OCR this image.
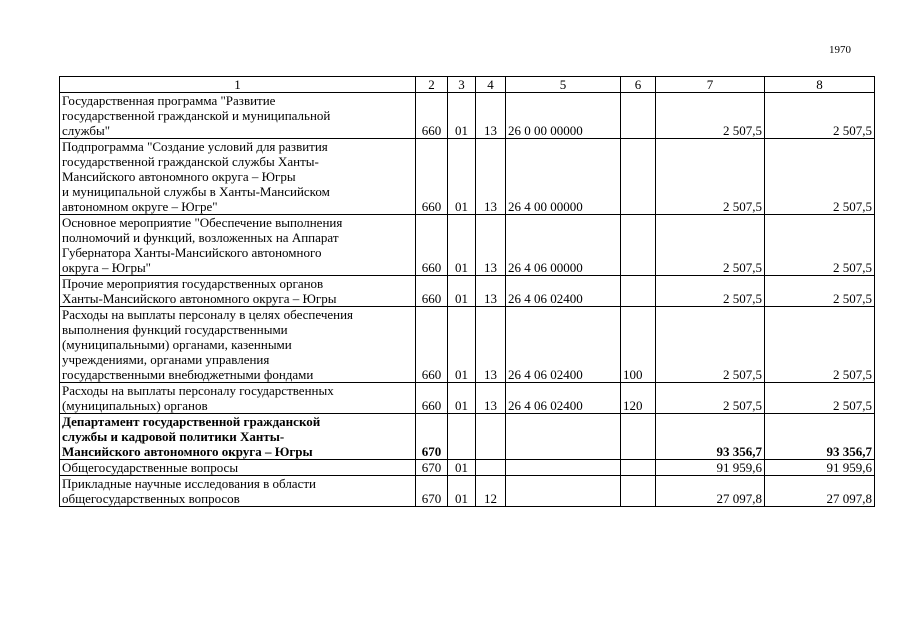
1970
1	2	3	4	5	6	7	8

Государственная программа "Развитие
государственной гражданской и муниципальной
службы"	660	01	13	26 0 00 00000		2 507,5	2 507,5

Подпрограмма "Создание условий для развития
государственной гражданской службы Ханты-
Мансийского автономного округа – Югры
и муниципальной службы в Ханты-Мансийском
автономном округе – Югре"	660	01	13	26 4 00 00000		2 507,5	2 507,5

Основное мероприятие "Обеспечение выполнения
полномочий и функций, возложенных на Аппарат
Губернатора Ханты-Мансийского автономного
округа – Югры"	660	01	13	26 4 06 00000		2 507,5	2 507,5

Прочие мероприятия государственных органов
Ханты-Мансийского автономного округа – Югры	660	01	13	26 4 06 02400		2 507,5	2 507,5

Расходы на выплаты персоналу в целях обеспечения
выполнения функций государственными
(муниципальными) органами, казенными
учреждениями, органами управления
государственными внебюджетными фондами	660	01	13	26 4 06 02400	100	2 507,5	2 507,5

Расходы на выплаты персоналу государственных
(муниципальных) органов	660	01	13	26 4 06 02400	120	2 507,5	2 507,5

Департамент государственной гражданской
службы и кадровой политики Ханты-
Мансийского автономного округа – Югры	670					93 356,7	93 356,7

Общегосударственные вопросы	670	01				91 959,6	91 959,6

Прикладные научные исследования в области
общегосударственных вопросов	670	01	12			27 097,8	27 097,8
